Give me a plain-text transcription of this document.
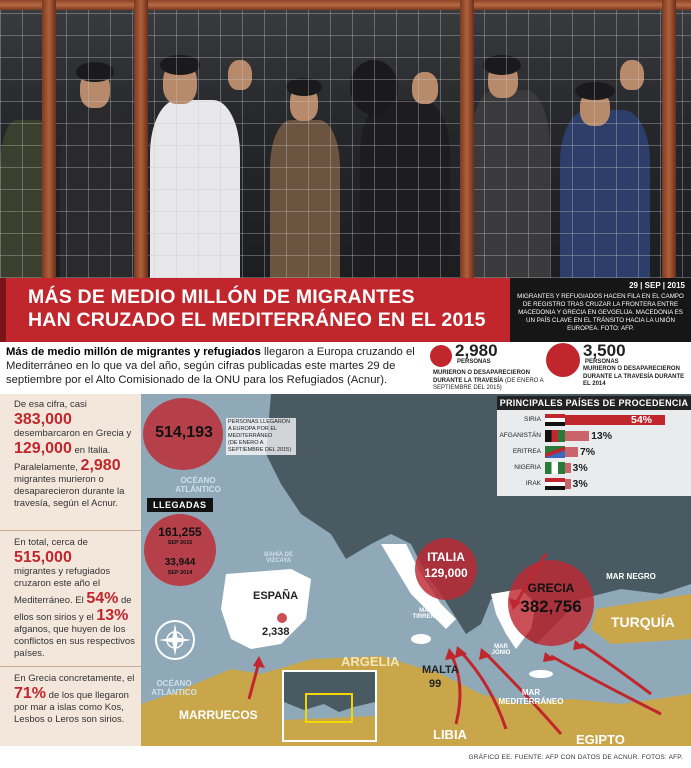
MÁS DE MEDIO MILLÓN DE MIGRANTES
HAN CRUZADO EL MEDITERRÁNEO EN EL 2015
29 | SEP | 2015
MIGRANTES Y REFUGIADOS HACEN FILA EN EL CAMPO DE REGISTRO TRAS CRUZAR LA FRONTERA ENTRE MACEDONIA Y GRECIA EN GEVGELIJA. MACEDONIA ES UN PAÍS CLAVE EN EL TRÁNSITO HACIA LA UNIÓN EUROPEA. FOTO: AFP.
Más de medio millón de migrantes y refugiados llegaron a Europa cruzando el Mediterráneo en lo que va del año, según cifras publicadas este martes 29 de septiembre por el Alto Comisionado de la ONU para los Refugiados (Acnur).
2,980
PERSONAS
MURIERON O DESAPARECIERON DURANTE LA TRAVESÍA (DE ENERO A SEPTIEMBRE DEL 2015)
3,500
PERSONAS
MURIERON O DESAPARECIERON DURANTE LA TRAVESÍA DURANTE EL 2014
De esa cifra, casi
383,000
desembarcaron en Grecia y 129,000 en Italia. Paralelamente, 2,980 migrantes murieron o desaparecieron durante la travesía, según el Acnur.
En total, cerca de
515,000
migrantes y refugiados cruzaron este año el Mediterráneo. El 54% de ellos son sirios y el 13% afganos, que huyen de los conflictos en sus respectivos países.
En Grecia concretamente, el 71% de los que llegaron por mar a islas como Kos, Lesbos o Leros son sirios.
OCÉANO ATLÁNTICO
BAHÍA DE VIZCAYA
MAR TIRRENO
MAR JÓNIO
MAR NEGRO
MAR MEDITERRÁNEO
OCÉANO ATLÁNTICO
TURQUÍA
ARGELIA
MARRUECOS
LIBIA	EGIPTO
ESPAÑA
2,338
MALTA
99
514,193
PERSONAS LLEGARON A EUROPA POR EL MEDITERRÁNEO
(DE ENERO A SEPTIEMBRE DEL 2015)
LLEGADAS
161,255
SEP 2015
33,944
SEP 2014
ITALIA
129,000
GRECIA
382,756
PRINCIPALES PAÍSES DE PROCEDENCIA
SIRIA	54%
AFGANISTÁN	13%
ERITREA	7%
NIGERIA	3%
IRAK	3%
GRÁFICO EE. FUENTE: AFP CON DATOS DE ACNUR. FOTOS: AFP.
